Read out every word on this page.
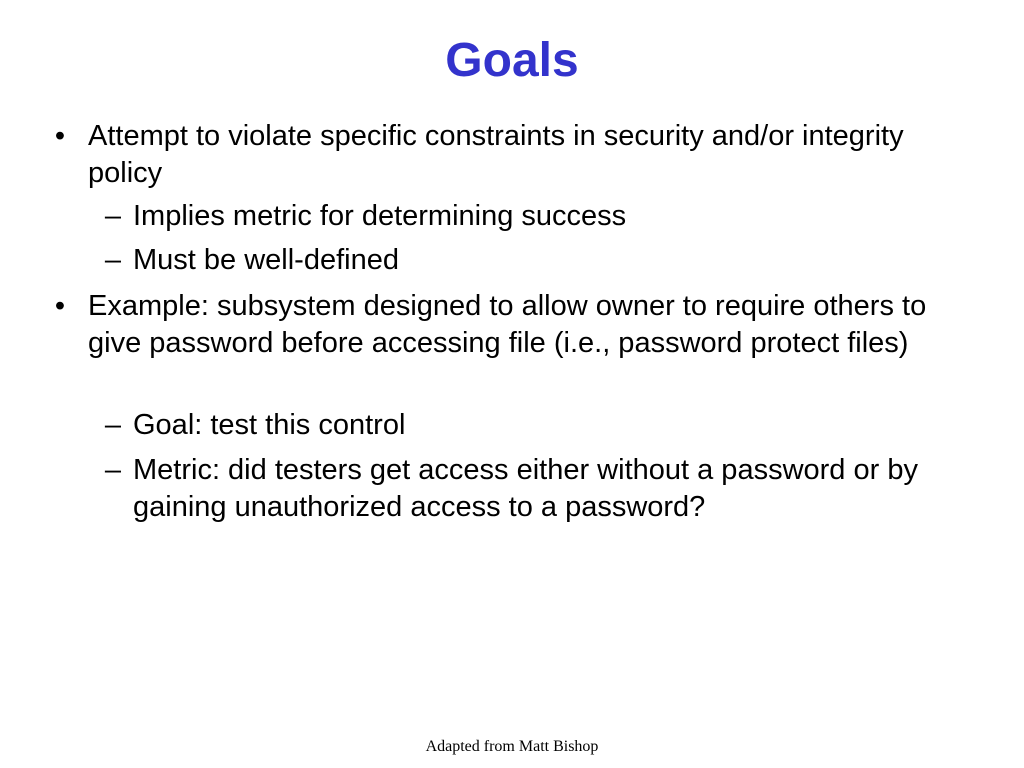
Goals
• Attempt to violate specific constraints in security and/or integrity policy
– Implies metric for determining success
– Must be well-defined
• Example: subsystem designed to allow owner to require others to give password before accessing file (i.e., password protect files)
– Goal: test this control
– Metric: did testers get access either without a password or by gaining unauthorized access to a password?
Adapted from Matt Bishop
